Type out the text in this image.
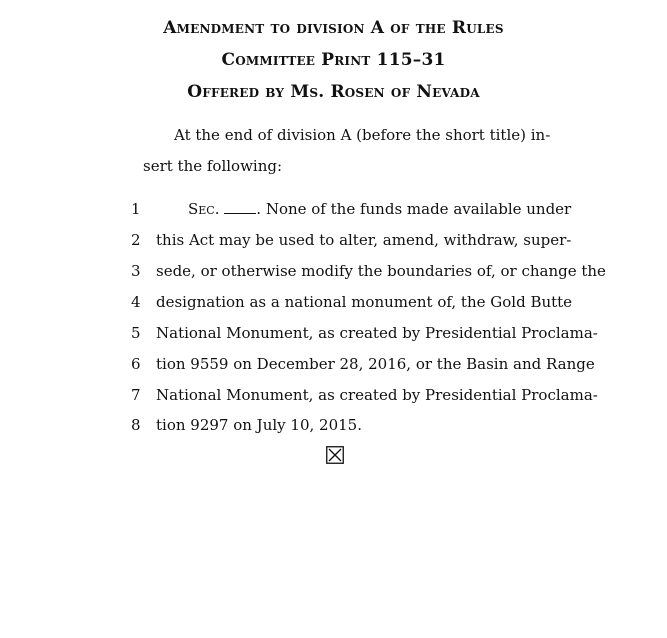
Amendment to division A of the Rules
Committee Print 115–31
Offered by Ms. Rosen of Nevada
At the end of division A (before the short title) in-
sert the following:
1	Sec. . None of the funds made available under
2	this Act may be used to alter, amend, withdraw, super-
3	sede, or otherwise modify the boundaries of, or change the
4	designation as a national monument of, the Gold Butte
5	National Monument, as created by Presidential Proclama-
6	tion 9559 on December 28, 2016, or the Basin and Range
7	National Monument, as created by Presidential Proclama-
8	tion 9297 on July 10, 2015.
